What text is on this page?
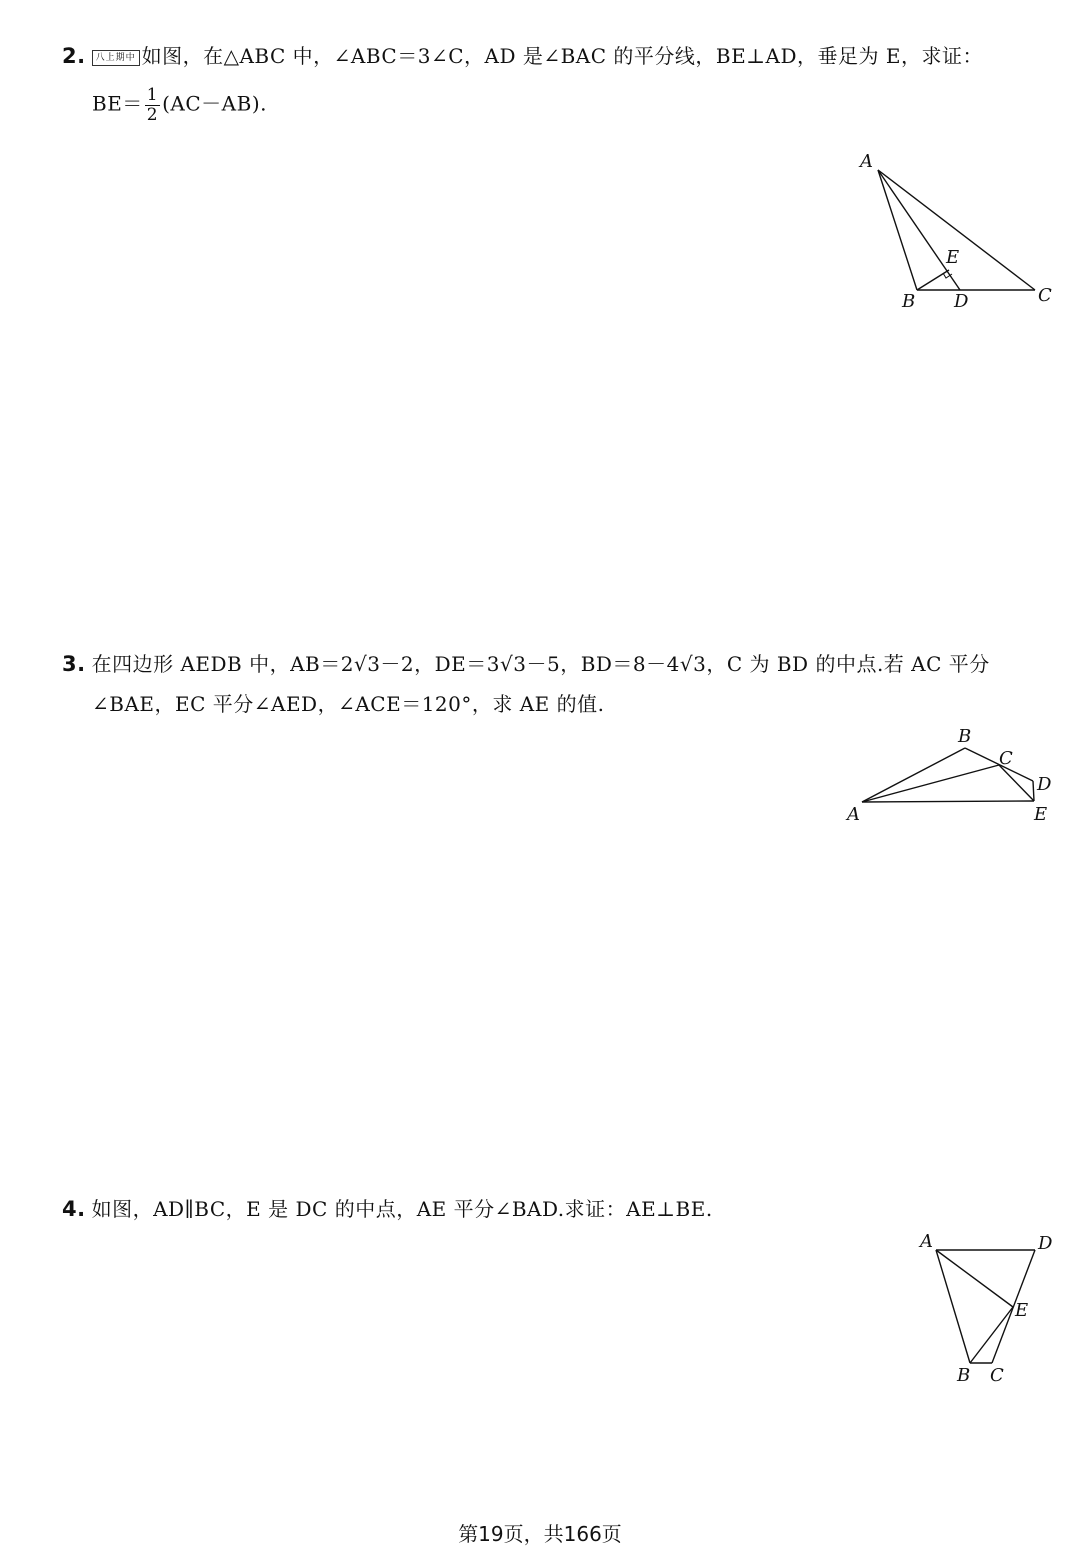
2. 八上期中 如图，在△ABC 中，∠ABC＝3∠C，AD 是∠BAC 的平分线，BE⊥AD，垂足为 E，求证：
$BE= \frac{1}{2} (AC-AB)$.
A
B D	C
E
3. 在四边形 AEDB 中，AB＝2√3－2，DE＝3√3－5，BD＝8－4√3，C 为 BD 的中点.若 AC 平分
∠BAE，EC 平分∠AED，∠ACE＝120°，求 AE 的值.
B
C
D
A	E
4. 如图，AD∥BC，E 是 DC 的中点，AE 平分∠BAD.求证：AE⊥BE.
A	D
E
B C
第19页，共166页
